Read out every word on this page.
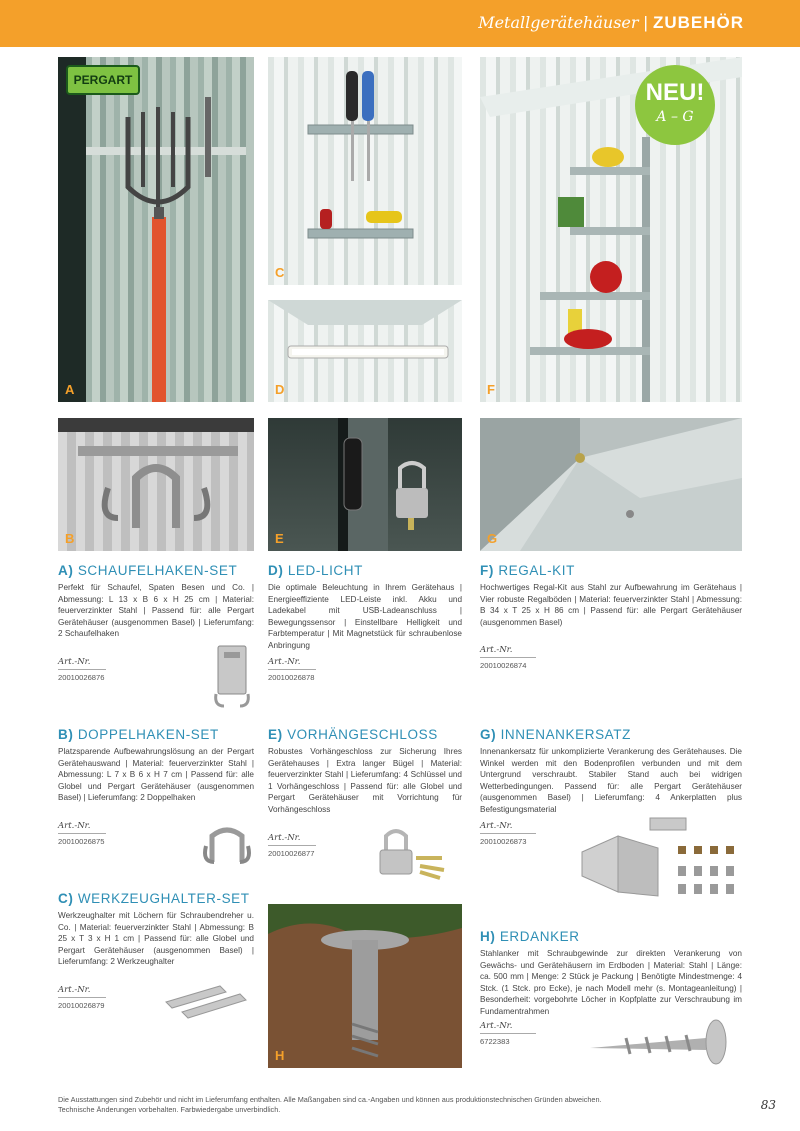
Metallgerätehäuser | ZUBEHÖR
PERGART
A
C
D
NEU!
A – G
F
B	E	G
H
A) SCHAUFELHAKEN-SET
Perfekt für Schaufel, Spaten Besen und Co. | Abmessung: L 13 x B 6 x H 25 cm | Material: feuerverzinkter Stahl | Passend für: alle Pergart Gerätehäuser (ausgenommen Basel) | Lieferumfang: 2 Schaufelhaken
Art.-Nr.
20010026876
D) LED-LICHT
Die optimale Beleuchtung in Ihrem Gerätehaus | Energieeffiziente LED-Leiste inkl. Akku und Ladekabel mit USB-Ladeanschluss | Bewegungssensor | Einstellbare Helligkeit und Farbtemperatur | Mit Magnetstück für schraubenlose Anbringung
Art.-Nr.
20010026878
F) REGAL-KIT
Hochwertiges Regal-Kit aus Stahl zur Aufbewahrung im Gerätehaus | Vier robuste Regalböden | Material: feuerverzinkter Stahl | Abmessung: B 34 x T 25 x H 86 cm | Passend für: alle Pergart Gerätehäuser (ausgenommen Basel)
Art.-Nr.
20010026874
B) DOPPELHAKEN-SET
Platzsparende Aufbewahrungslösung an der Pergart Gerätehauswand | Material: feuerverzinkter Stahl | Abmessung: L 7 x B 6 x H 7 cm | Passend für: alle Globel und Pergart Gerätehäuser (ausgenommen Basel) | Lieferumfang: 2 Doppelhaken
Art.-Nr.
20010026875
E) VORHÄNGESCHLOSS
Robustes Vorhängeschloss zur Sicherung Ihres Gerätehauses | Extra langer Bügel | Material: feuerverzinkter Stahl | Lieferumfang: 4 Schlüssel und 1 Vorhängeschloss | Passend für: alle Globel und Pergart Gerätehäuser mit Vorrichtung für Vorhängeschloss
Art.-Nr.
20010026877
G) INNENANKERSATZ
Innenankersatz für unkomplizierte Verankerung des Gerätehauses. Die Winkel werden mit den Bodenprofilen verbunden und mit dem Untergrund verschraubt. Stabiler Stand auch bei widrigen Wetterbedingungen. Passend für: alle Pergart Gerätehäuser (ausgenommen Basel) | Lieferumfang: 4 Ankerplatten plus Befestigungsmaterial
Art.-Nr.
20010026873
C) WERKZEUGHALTER-SET
Werkzeughalter mit Löchern für Schraubendreher u. Co. | Material: feuerverzinkter Stahl | Abmessung: B 25 x T 3 x H 1 cm | Passend für: alle Globel und Pergart Gerätehäuser (ausgenommen Basel) | Lieferumfang: 2 Werkzeughalter
Art.-Nr.
20010026879
H) ERDANKER
Stahlanker mit Schraubgewinde zur direkten Verankerung von Gewächs- und Gerätehäusern im Erdboden | Material: Stahl | Länge: ca. 500 mm | Menge: 2 Stück je Packung | Benötigte Mindestmenge: 4 Stck. (1 Stck. pro Ecke), je nach Modell mehr (s. Montageanleitung) | Besonderheit: vorgebohrte Löcher in Kopfplatte zur Verschraubung im Fundamentrahmen
Art.-Nr.
6722383
Die Ausstattungen sind Zubehör und nicht im Lieferumfang enthalten. Alle Maßangaben sind ca.-Angaben und können aus produktionstechnischen Gründen abweichen.
Technische Änderungen vorbehalten. Farbwiedergabe unverbindlich.	83
